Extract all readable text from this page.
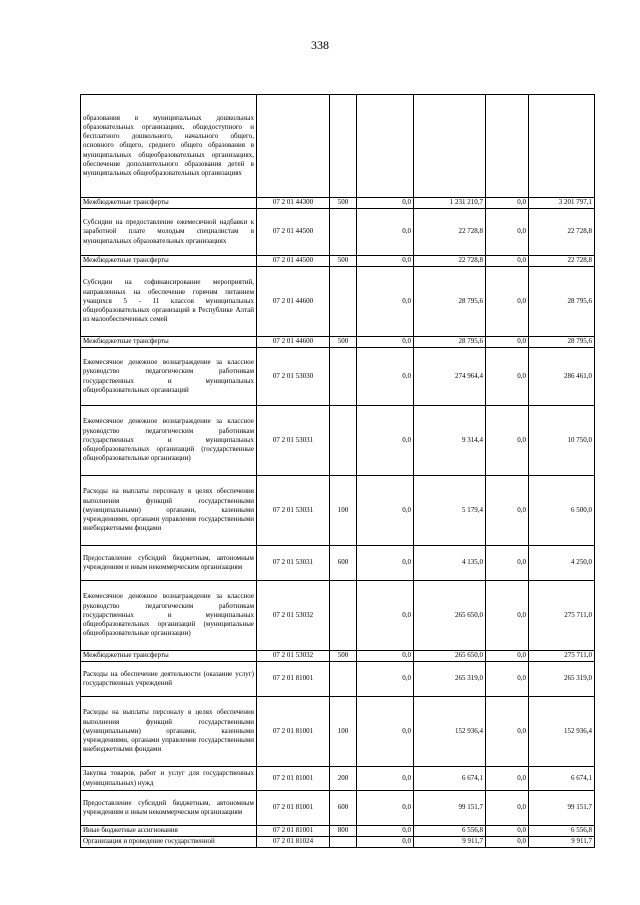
338
образования в муниципальных дошкольных образовательных организациях, общедоступного и бесплатного дошкольного, начального общего, основного общего, среднего общего образования в муниципальных общеобразовательных организациях, обеспечение дополнительного образования детей в муниципальных общеобразовательных организациях						
Межбюджетные трансферты	07 2 01 44300	500	0,0	1 231 210,7	0,0	3 201 797,1
Субсидии на предоставление ежемесячной надбавки к заработной плате молодым специалистам в муниципальных образовательных организациях	07 2 01 44500		0,0	22 728,8	0,0	22 728,8
Межбюджетные трансферты	07 2 01 44500	500	0,0	22 728,8	0,0	22 728,8
Субсидии на софинансирование мероприятий, направленных на обеспечение горячим питанием учащихся 5 - 11 классов муниципальных общеобразовательных организаций в Республике Алтай из малообеспеченных семей	07 2 01 44600		0,0	28 795,6	0,0	28 795,6
Межбюджетные трансферты	07 2 01 44600	500	0,0	28 795,6	0,0	28 795,6
Ежемесячное денежное вознаграждение за классное руководство педагогическим работникам государственных и муниципальных общеобразовательных организаций	07 2 01 53030		0,0	274 964,4	0,0	286 461,0
Ежемесячное денежное вознаграждение за классное руководство педагогическим работникам государственных и муниципальных общеобразовательных организаций (государственные общеобразовательные организации)	07 2 01 53031		0,0	9 314,4	0,0	10 750,0
Расходы на выплаты персоналу в целях обеспечения выполнения функций государственными (муниципальными) органами, казенными учреждениями, органами управления государственными внебюджетными фондами	07 2 01 53031	100	0,0	5 179,4	0,0	6 500,0
Предоставление субсидий бюджетным, автономным учреждениям и иным некоммерческим организациям	07 2 01 53031	600	0,0	4 135,0	0,0	4 250,0
Ежемесячное денежное вознаграждение за классное руководство педагогическим работникам государственных и муниципальных общеобразовательных организаций (муниципальные общеобразовательные организации)	07 2 01 53032		0,0	265 650,0	0,0	275 711,0
Межбюджетные трансферты	07 2 01 53032	500	0,0	265 650,0	0,0	275 711,0
Расходы на обеспечение деятельности (оказание услуг) государственных учреждений	07 2 01 81001		0,0	265 319,0	0,0	265 319,0
Расходы на выплаты персоналу в целях обеспечения выполнения функций государственными (муниципальными) органами, казенными учреждениями, органами управления государственными внебюджетными фондами	07 2 01 81001	100	0,0	152 936,4	0,0	152 936,4
Закупка товаров, работ и услуг для государственных (муниципальных) нужд	07 2 01 81001	200	0,0	6 674,1	0,0	6 674,1
Предоставление субсидий бюджетным, автономным учреждениям и иным некоммерческим организациям	07 2 01 81001	600	0,0	99 151,7	0,0	99 151,7
Иные бюджетные ассигнования	07 2 01 81001	800	0,0	6 556,8	0,0	6 556,8
Организация и проведение государственной	07 2 01 81024		0,0	9 911,7	0,0	9 911,7
